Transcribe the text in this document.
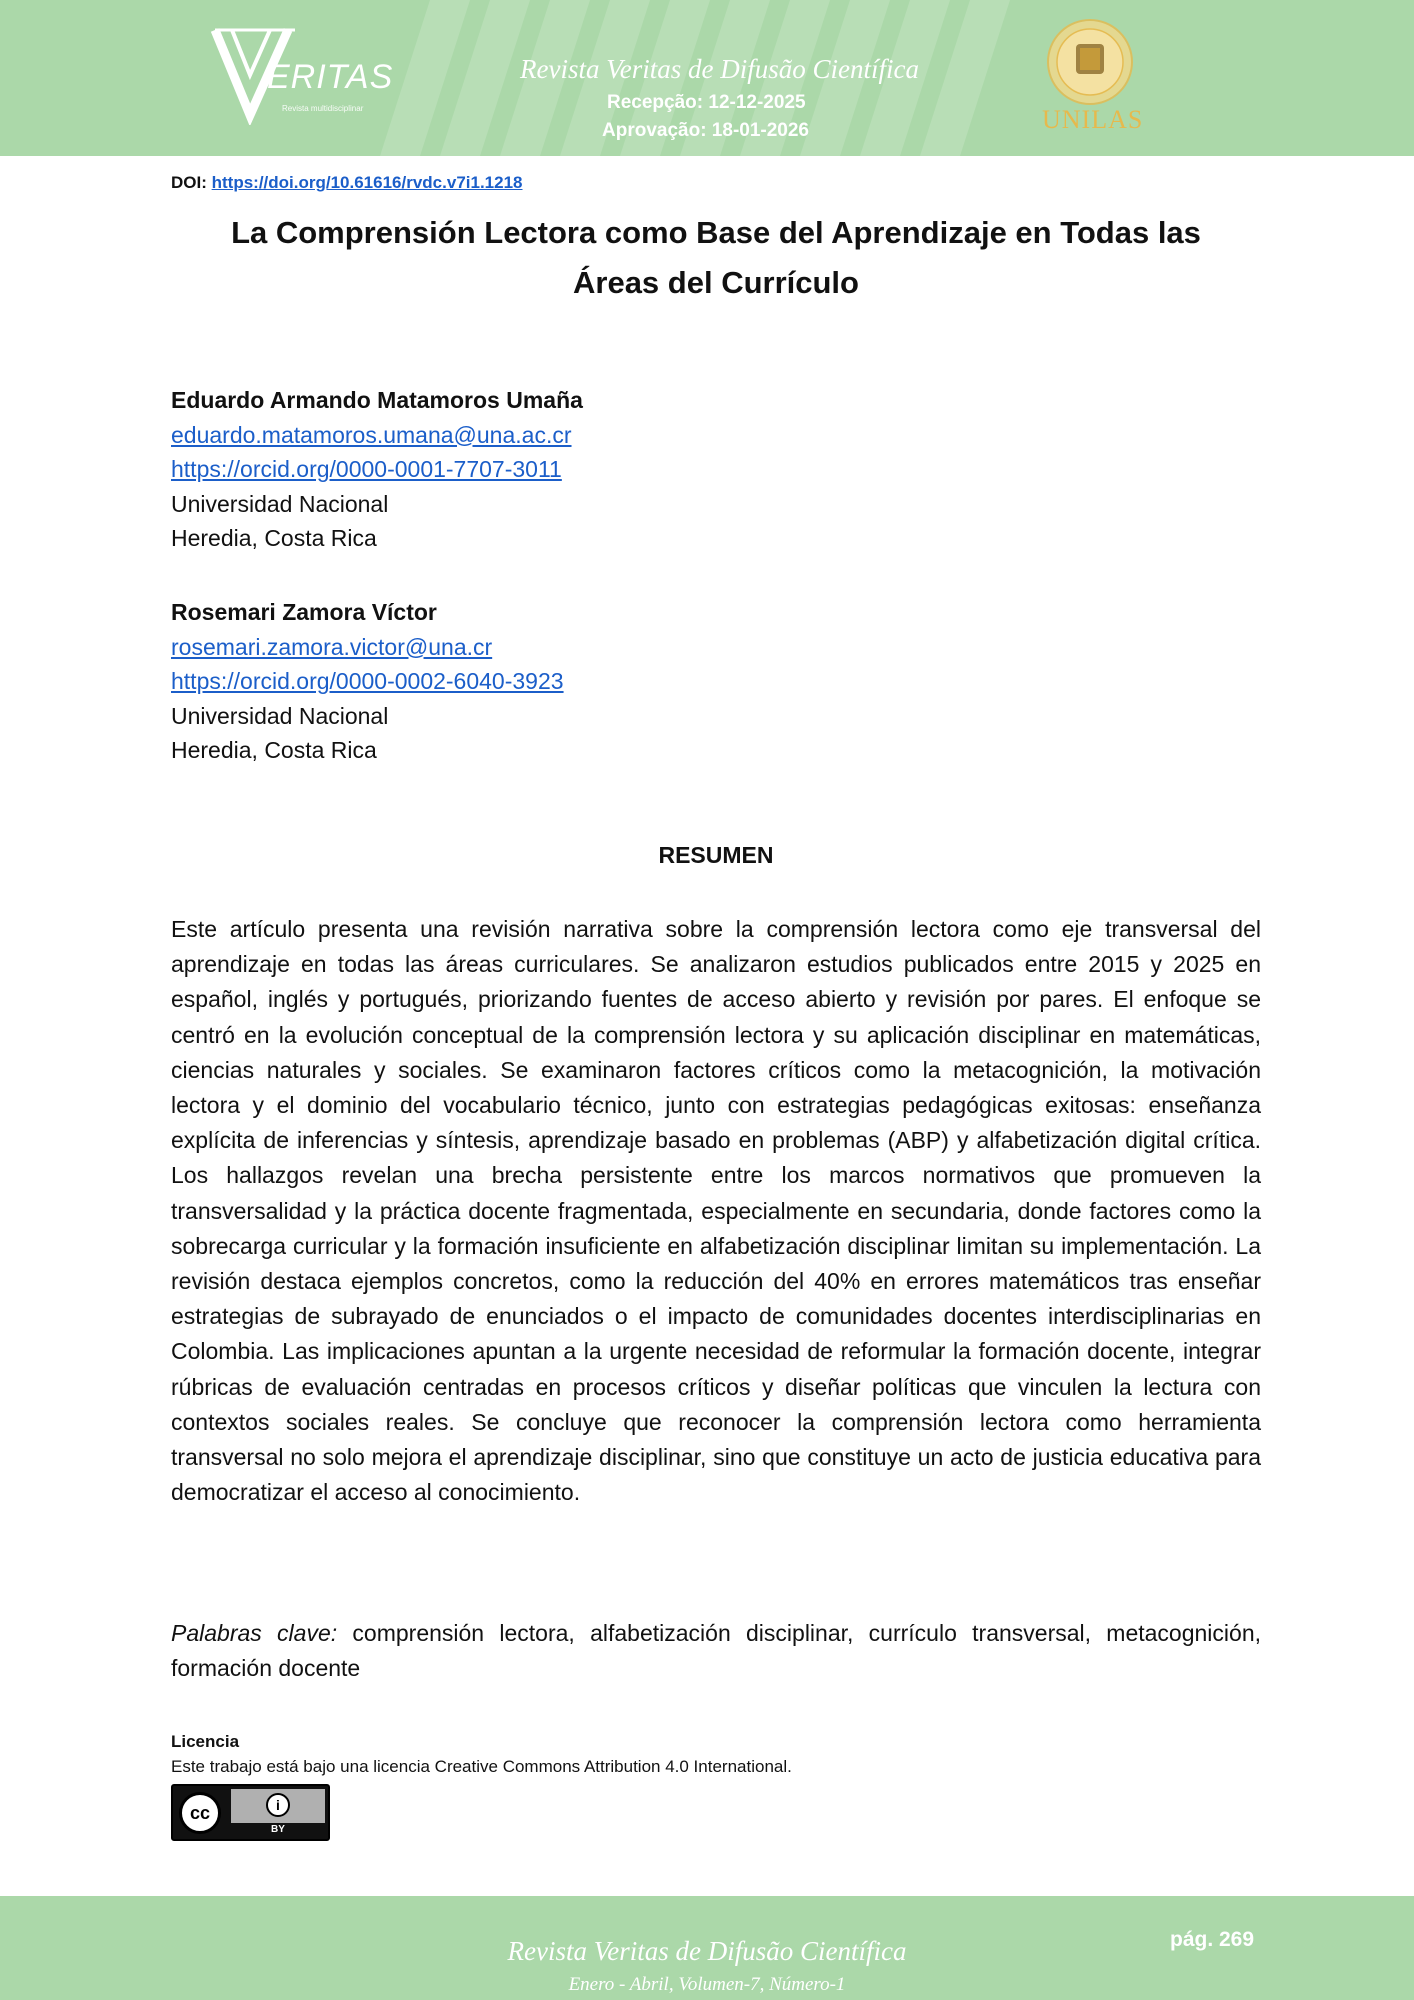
ERITAS
Revista multidisciplinar
Revista Veritas de Difusão Científica
Recepção: 12-12-2025
Aprovação: 18-01-2026	UNILAS
DOI: https://doi.org/10.61616/rvdc.v7i1.1218
La Comprensión Lectora como Base del Aprendizaje en Todas las
Áreas del Currículo
Eduardo Armando Matamoros Umaña
eduardo.matamoros.umana@una.ac.cr
https://orcid.org/0000-0001-7707-3011
Universidad Nacional
Heredia, Costa Rica
Rosemari Zamora Víctor
rosemari.zamora.victor@una.cr
https://orcid.org/0000-0002-6040-3923
Universidad Nacional
Heredia, Costa Rica
RESUMEN

Este artículo presenta una revisión narrativa sobre la comprensión lectora como eje transversal del aprendizaje en todas las áreas curriculares. Se analizaron estudios publicados entre 2015 y 2025 en español, inglés y portugués, priorizando fuentes de acceso abierto y revisión por pares. El enfoque se centró en la evolución conceptual de la comprensión lectora y su aplicación disciplinar en matemáticas, ciencias naturales y sociales. Se examinaron factores críticos como la metacognición, la motivación lectora y el dominio del vocabulario técnico, junto con estrategias pedagógicas exitosas: enseñanza explícita de inferencias y síntesis, aprendizaje basado en problemas (ABP) y alfabetización digital crítica. Los hallazgos revelan una brecha persistente entre los marcos normativos que promueven la transversalidad y la práctica docente fragmentada, especialmente en secundaria, donde factores como la sobrecarga curricular y la formación insuficiente en alfabetización disciplinar limitan su implementación. La revisión destaca ejemplos concretos, como la reducción del 40% en errores matemáticos tras enseñar estrategias de subrayado de enunciados o el impacto de comunidades docentes interdisciplinarias en Colombia. Las implicaciones apuntan a la urgente necesidad de reformular la formación docente, integrar rúbricas de evaluación centradas en procesos críticos y diseñar políticas que vinculen la lectura con contextos sociales reales. Se concluye que reconocer la comprensión lectora como herramienta transversal no solo mejora el aprendizaje disciplinar, sino que constituye un acto de justicia educativa para democratizar el acceso al conocimiento.

Palabras clave: comprensión lectora, alfabetización disciplinar, currículo transversal, metacognición, formación docente

Licencia
Este trabajo está bajo una licencia Creative Commons Attribution 4.0 International.
cc	i
BY
Revista Veritas de Difusão Científica
Enero - Abril, Volumen-7, Número-1
pág. 269
